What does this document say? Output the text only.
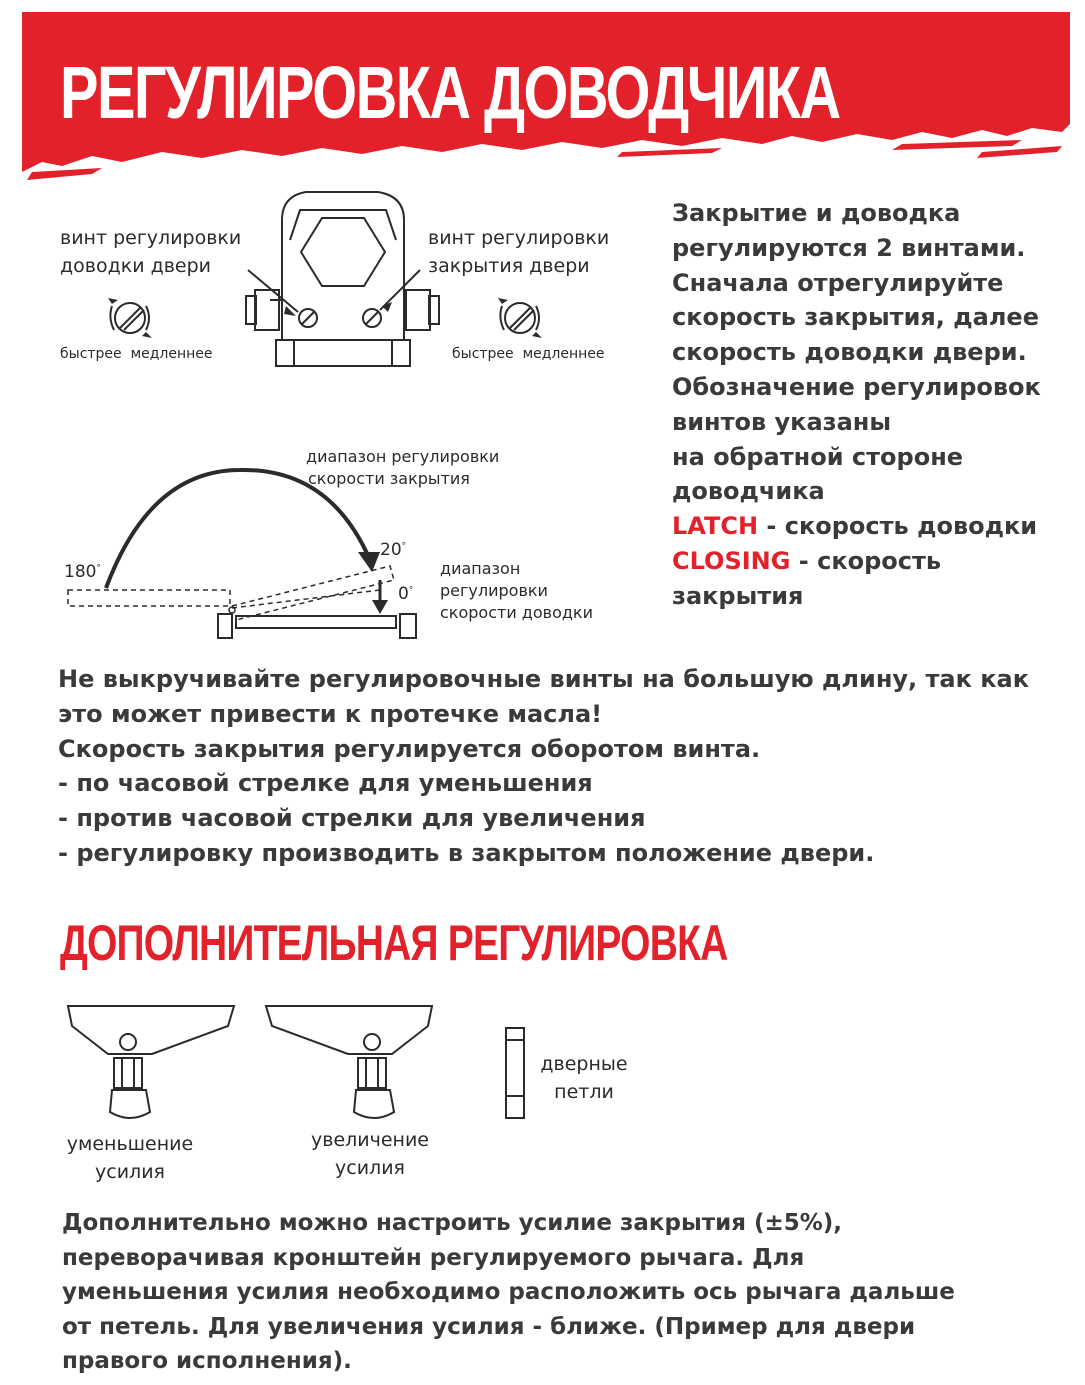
РЕГУЛИРОВКА ДОВОДЧИКА
винт регулировки
доводки двери
винт регулировки
закрытия двери
быстрее медленнее	быстрее медленнее
диапазон регулировки
скорости закрытия
диапазон
регулировки
скорости доводки
180°
20°
0°
Закрытие и доводка
регулируются 2 винтами.
Сначала отрегулируйте
скорость закрытия, далее
скорость доводки двери.
Обозначение регулировок
винтов указаны
на обратной стороне
доводчика
LATCH - скорость доводки
CLOSING - скорость
закрытия
Не выкручивайте регулировочные винты на большую длину, так как
это может привести к протечке масла!
Скорость закрытия регулируется оборотом винта.
- по часовой стрелке для уменьшения
- против часовой стрелки для увеличения
- регулировку производить в закрытом положение двери.
ДОПОЛНИТЕЛЬНАЯ РЕГУЛИРОВКА
уменьшение
усилия
увеличение
усилия
дверные
петли
Дополнительно можно настроить усилие закрытия (±5%),
переворачивая кронштейн регулируемого рычага. Для
уменьшения усилия необходимо расположить ось рычага дальше
от петель. Для увеличения усилия - ближе. (Пример для двери
правого исполнения).
